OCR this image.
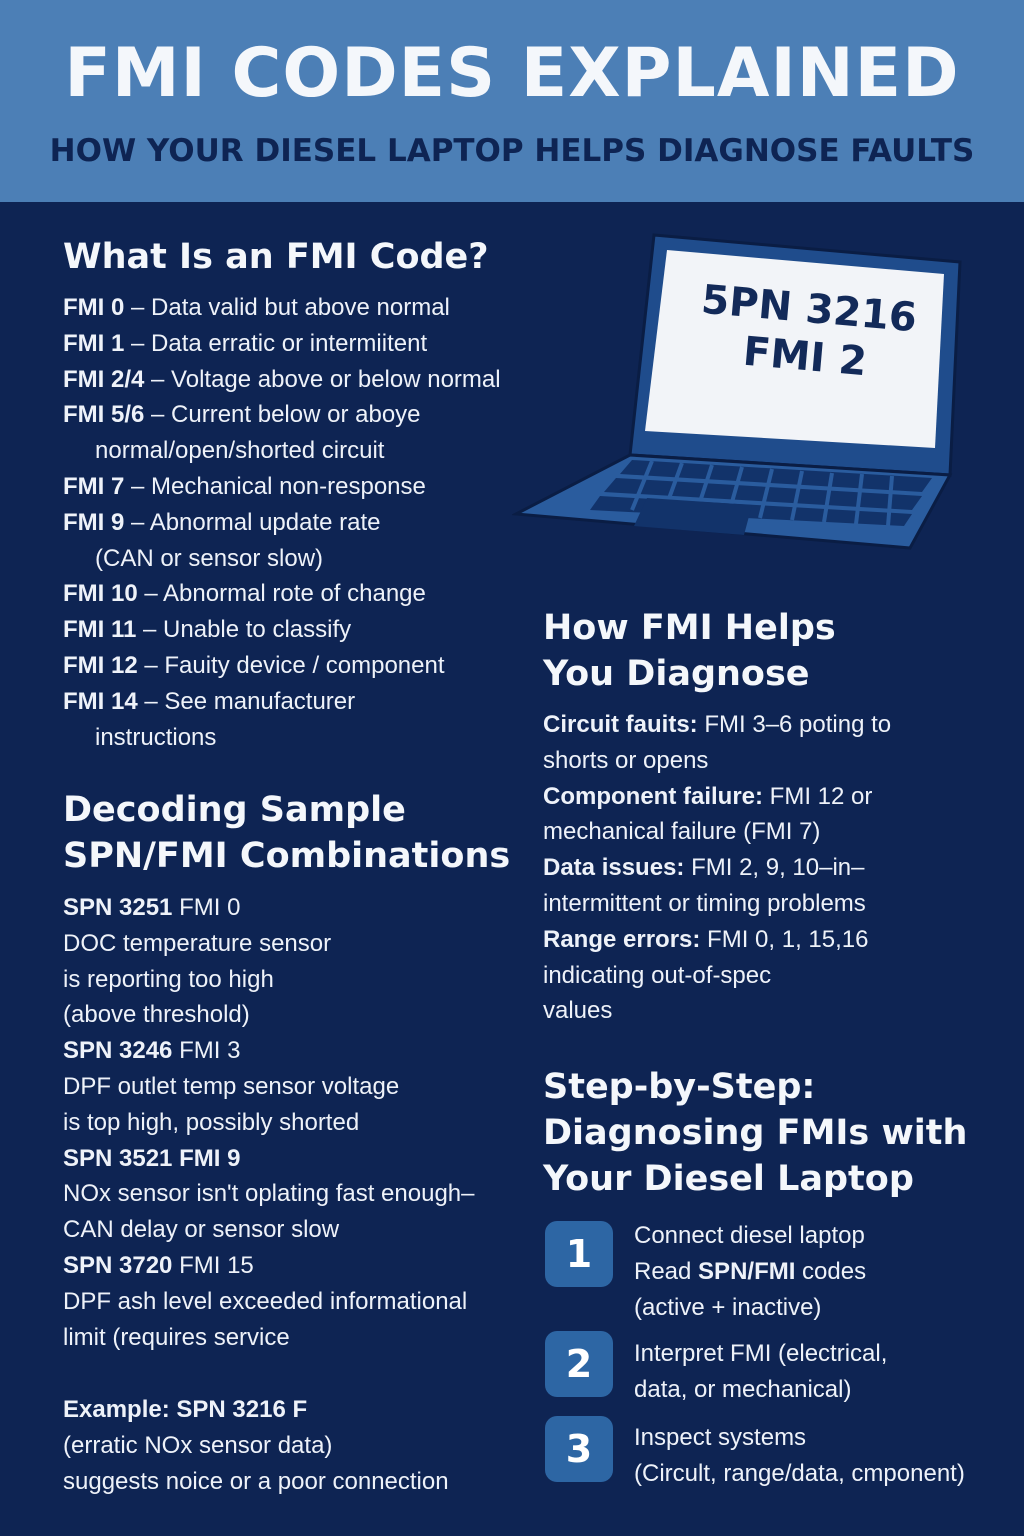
FMI CODES EXPLAINED
HOW YOUR DIESEL LAPTOP HELPS DIAGNOSE FAULTS
5PN 3216
FMI 2
What Is an FMI Code?
FMI 0 – Data valid but above normal
FMI 1 – Data erratic or intermiitent
FMI 2/4 – Voltage above or below normal
FMI 5/6 – Current below or aboye
normal/open/shorted circuit
FMI 7 – Mechanical non-response
FMI 9 – Abnormal update rate
(CAN or sensor slow)
FMI 10 – Abnormal rote of change
FMI 11 – Unable to classify
FMI 12 – Fauity device / component
FMI 14 – See manufacturer
instructions
Decoding Sample
SPN/FMI Combinations
SPN 3251 FMI 0
DOC temperature sensor
is reporting too high
(above threshold)
SPN 3246 FMI 3
DPF outlet temp sensor voltage
is top high, possibly shorted
SPN 3521 FMI 9
NOx sensor isn't oplating fast enough–
CAN delay or sensor slow
SPN 3720 FMI 15
DPF ash level exceeded informational
limit (requires service
Example: SPN 3216 F
(erratic NOx sensor data)
suggests noice or a poor connection
How FMI Helps
You Diagnose
Circuit fauits: FMI 3–6 poting to
shorts or opens
Component failure: FMI 12 or
mechanical failure (FMI 7)
Data issues: FMI 2, 9, 10–in–
intermittent or timing problems
Range errors: FMI 0, 1, 15,16
indicating out-of-spec
values
Step-by-Step:
Diagnosing FMIs with
Your Diesel Laptop
1	Connect diesel laptop
Read SPN/FMI codes
(active + inactive)
2	Interpret FMI (electrical,
data, or mechanical)
3	Inspect systems
(Circult, range/data, cmponent)
